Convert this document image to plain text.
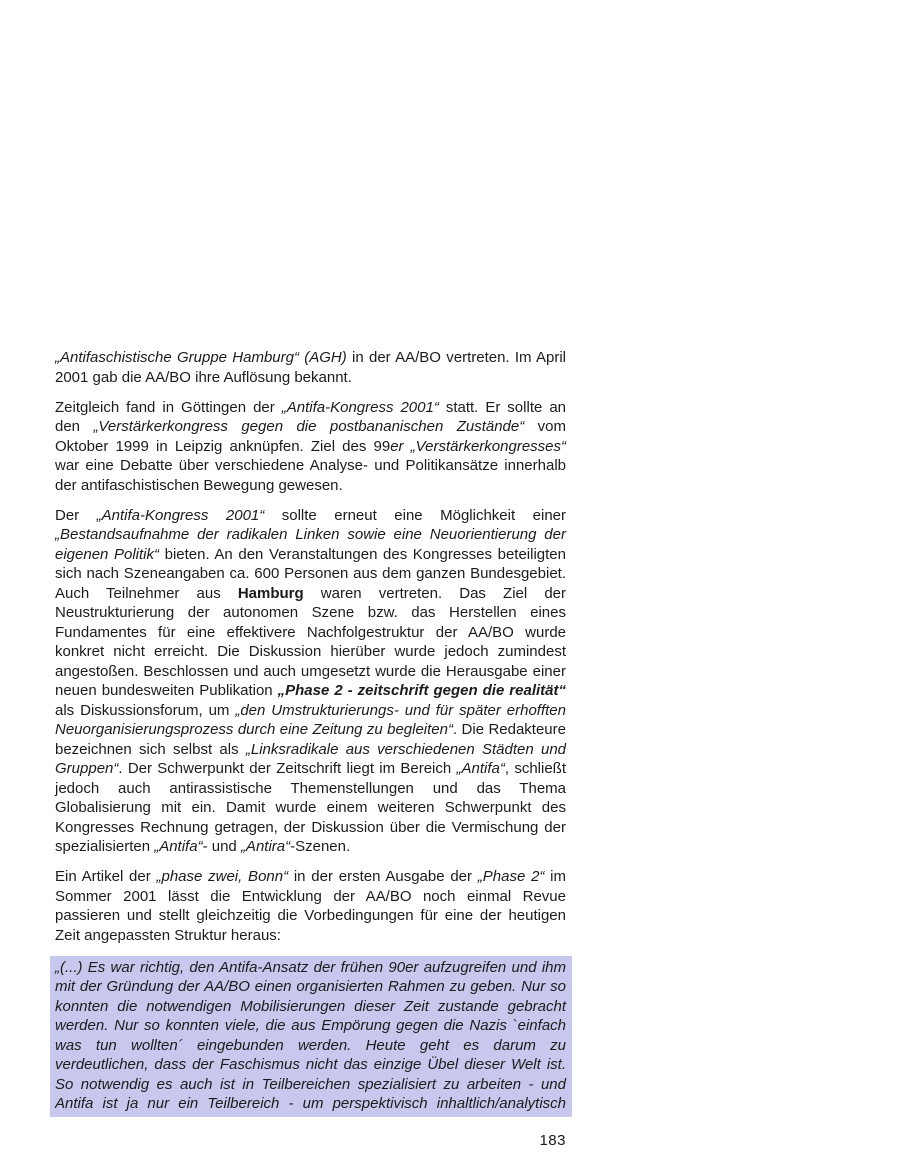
„Antifaschistische Gruppe Hamburg“ (AGH) in der AA/BO vertreten. Im April 2001 gab die AA/BO ihre Auflösung bekannt.

Zeitgleich fand in Göttingen der „Antifa-Kongress 2001“ statt. Er sollte an den „Verstärkerkongress gegen die postbananischen Zustände“ vom Oktober 1999 in Leipzig anknüpfen. Ziel des 99er „Verstärkerkongresses“ war eine Debatte über verschiedene Analyse- und Politikansätze innerhalb der antifaschistischen Bewegung gewesen.

Der „Antifa-Kongress 2001“ sollte erneut eine Möglichkeit einer „Bestandsaufnahme der radikalen Linken sowie eine Neuorientierung der eigenen Politik“ bieten. An den Veranstaltungen des Kongresses beteiligten sich nach Szeneangaben ca. 600 Personen aus dem ganzen Bundesgebiet. Auch Teilnehmer aus Hamburg waren vertreten. Das Ziel der Neustrukturierung der autonomen Szene bzw. das Herstellen eines Fundamentes für eine effektivere Nachfolgestruktur der AA/BO wurde konkret nicht erreicht. Die Diskussion hierüber wurde jedoch zumindest angestoßen. Beschlossen und auch umgesetzt wurde die Herausgabe einer neuen bundesweiten Publikation „Phase 2 - zeitschrift gegen die realität“ als Diskussionsforum, um „den Umstrukturierungs- und für später erhofften Neuorganisierungsprozess durch eine Zeitung zu begleiten“. Die Redakteure bezeichnen sich selbst als „Linksradikale aus verschiedenen Städten und Gruppen“. Der Schwerpunkt der Zeitschrift liegt im Bereich „Antifa“, schließt jedoch auch antirassistische Themenstellungen und das Thema Globalisierung mit ein. Damit wurde einem weiteren Schwerpunkt des Kongresses Rechnung getragen, der Diskussion über die Vermischung der spezialisierten „Antifa“- und „Antira“-Szenen.

Ein Artikel der „phase zwei, Bonn“ in der ersten Ausgabe der „Phase 2“ im Sommer 2001 lässt die Entwicklung der AA/BO noch einmal Revue passieren und stellt gleichzeitig die Vorbedingungen für eine der heutigen Zeit angepassten Struktur heraus:

„(...) Es war richtig, den Antifa-Ansatz der frühen 90er aufzugreifen und ihm mit der Gründung der AA/BO einen organisierten Rahmen zu geben. Nur so konnten die notwendigen Mobilisierungen dieser Zeit zustande gebracht werden. Nur so konnten viele, die aus Empörung gegen die Nazis `einfach was tun wollten´ eingebunden werden. Heute geht es darum zu verdeutlichen, dass der Faschismus nicht das einzige Übel dieser Welt ist. So notwendig es auch ist in Teilbereichen spezialisiert zu arbeiten - und Antifa ist ja nur ein Teilbereich - um perspektivisch inhaltlich/analytisch

183
